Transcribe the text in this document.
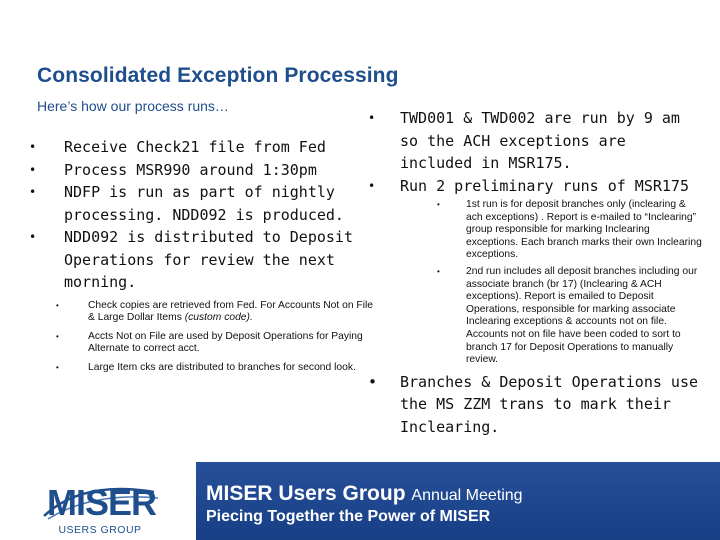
Consolidated Exception Processing
Here’s how our process runs…
• Receive Check21 file from Fed
• Process MSR990 around 1:30pm
• NDFP is run as part of nightly processing. NDD092 is produced.
• NDD092 is distributed to Deposit Operations for review the next morning.
•	Check copies are retrieved from Fed. For Accounts Not on File & Large Dollar Items (custom code).
•	Accts Not on File are used by Deposit Operations for Paying Alternate to correct acct.
•	Large Item cks are distributed to branches for second look.
• TWD001 & TWD002 are run by 9 am so the ACH exceptions are included in MSR175.
• Run 2 preliminary runs of MSR175
•	1st run is for deposit branches only (inclearing & ach exceptions) . Report is e-mailed to “Inclearing” group responsible for marking Inclearing exceptions. Each branch marks their own Inclearing exceptions.
•	2nd run includes all deposit branches including our associate branch (br 17) (Inclearing & ACH exceptions). Report is emailed to Deposit Operations, responsible for marking associate Inclearing exceptions & accounts not on file. Accounts not on file have been coded to sort to branch 17 for Deposit Operations to manually review.
• Branches & Deposit Operations use the MS ZZM trans to mark their Inclearing.
MISER
USERS GROUP
MISER Users Group Annual Meeting
Piecing Together the Power of MISER
